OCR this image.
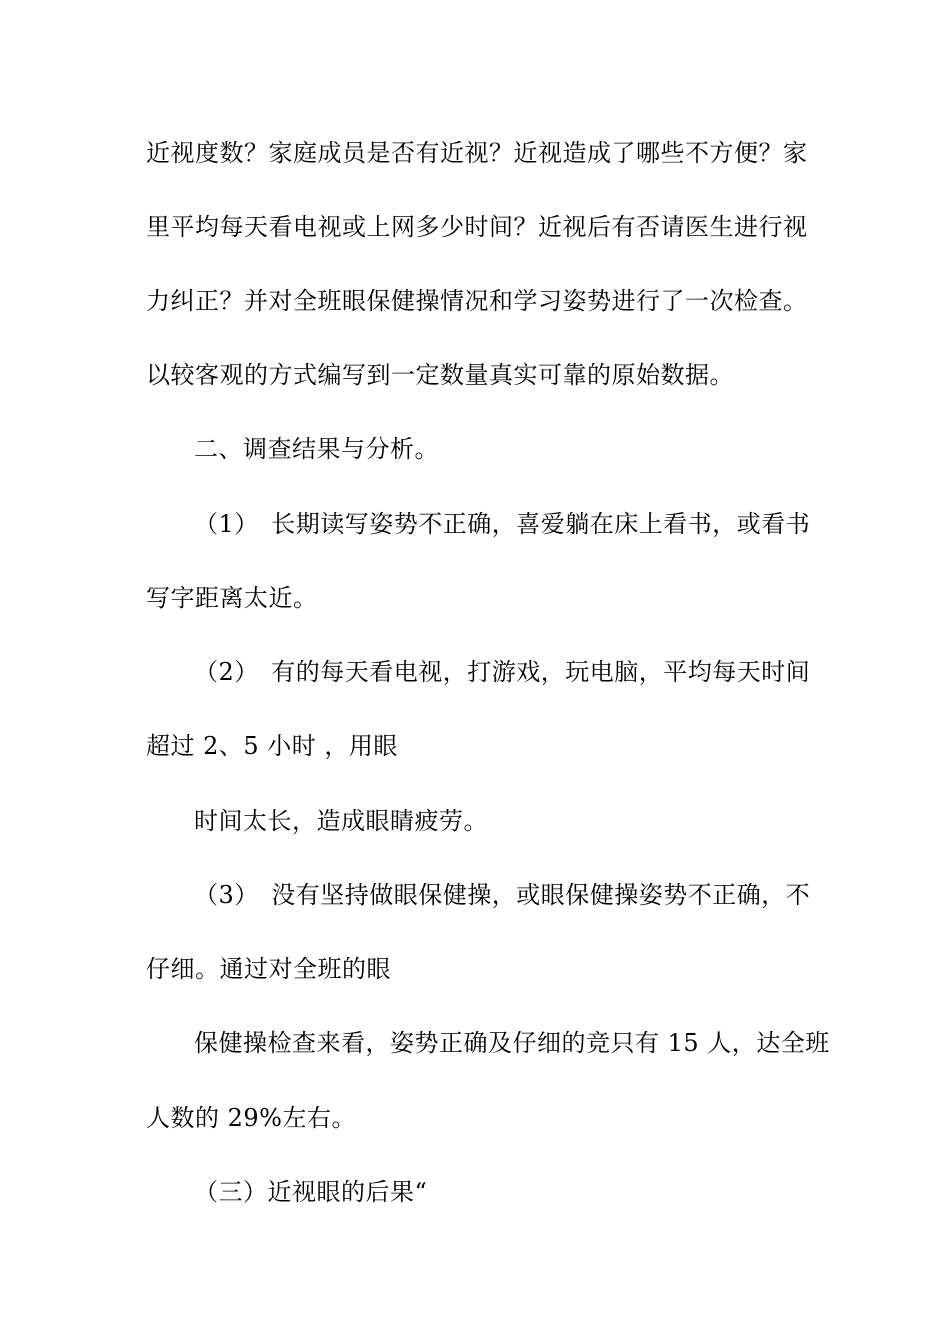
近视度数？家庭成员是否有近视？近视造成了哪些不方便？家
里平均每天看电视或上网多少时间？近视后有否请医生进行视
力纠正？并对全班眼保健操情况和学习姿势进行了一次检查。
以较客观的方式编写到一定数量真实可靠的原始数据。
二、调查结果与分析。
（1）　长期读写姿势不正确，喜爱躺在床上看书，或看书
写字距离太近。
（2）　有的每天看电视，打游戏，玩电脑，平均每天时间
超过 2、5 小时 ，用眼
时间太长，造成眼睛疲劳。
（3）　没有坚持做眼保健操，或眼保健操姿势不正确，不
仔细。通过对全班的眼
保健操检查来看，姿势正确及仔细的竞只有 15 人，达全班
人数的 29%左右。
（三）近视眼的后果“
